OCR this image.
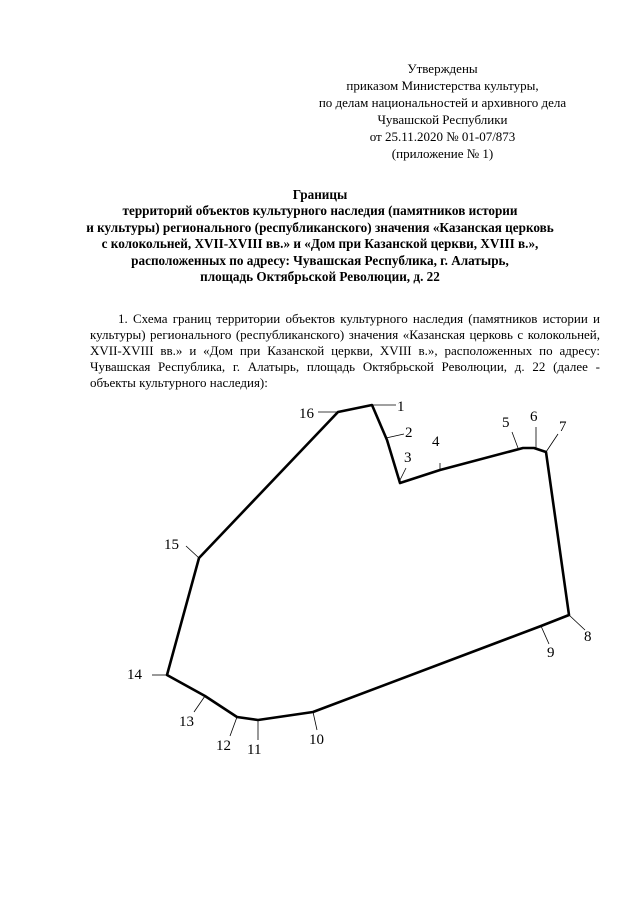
Утверждены
приказом Министерства культуры,
по делам национальностей и архивного дела
Чувашской Республики
от 25.11.2020 № 01-07/873
(приложение № 1)
Границы
территорий объектов культурного наследия (памятников истории
и культуры) регионального (республиканского) значения «Казанская церковь
с колокольней, XVII-XVIII вв.» и «Дом при Казанской церкви, XVIII в.»,
расположенных по адресу: Чувашская Республика, г. Алатырь,
площадь Октябрьской Революции, д. 22

1. Схема границ территории объектов культурного наследия (памятников истории и культуры) регионального (республиканского) значения «Казанская церковь с колокольней, XVII-XVIII вв.» и «Дом при Казанской церкви, XVIII в.», расположенных по адресу: Чувашская Республика, г. Алатырь, площадь Октябрьской Революции, д. 22 (далее - объекты культурного наследия):

1
2
3
4
5 6
7
8
9
10
11
12
13
14
15
16
